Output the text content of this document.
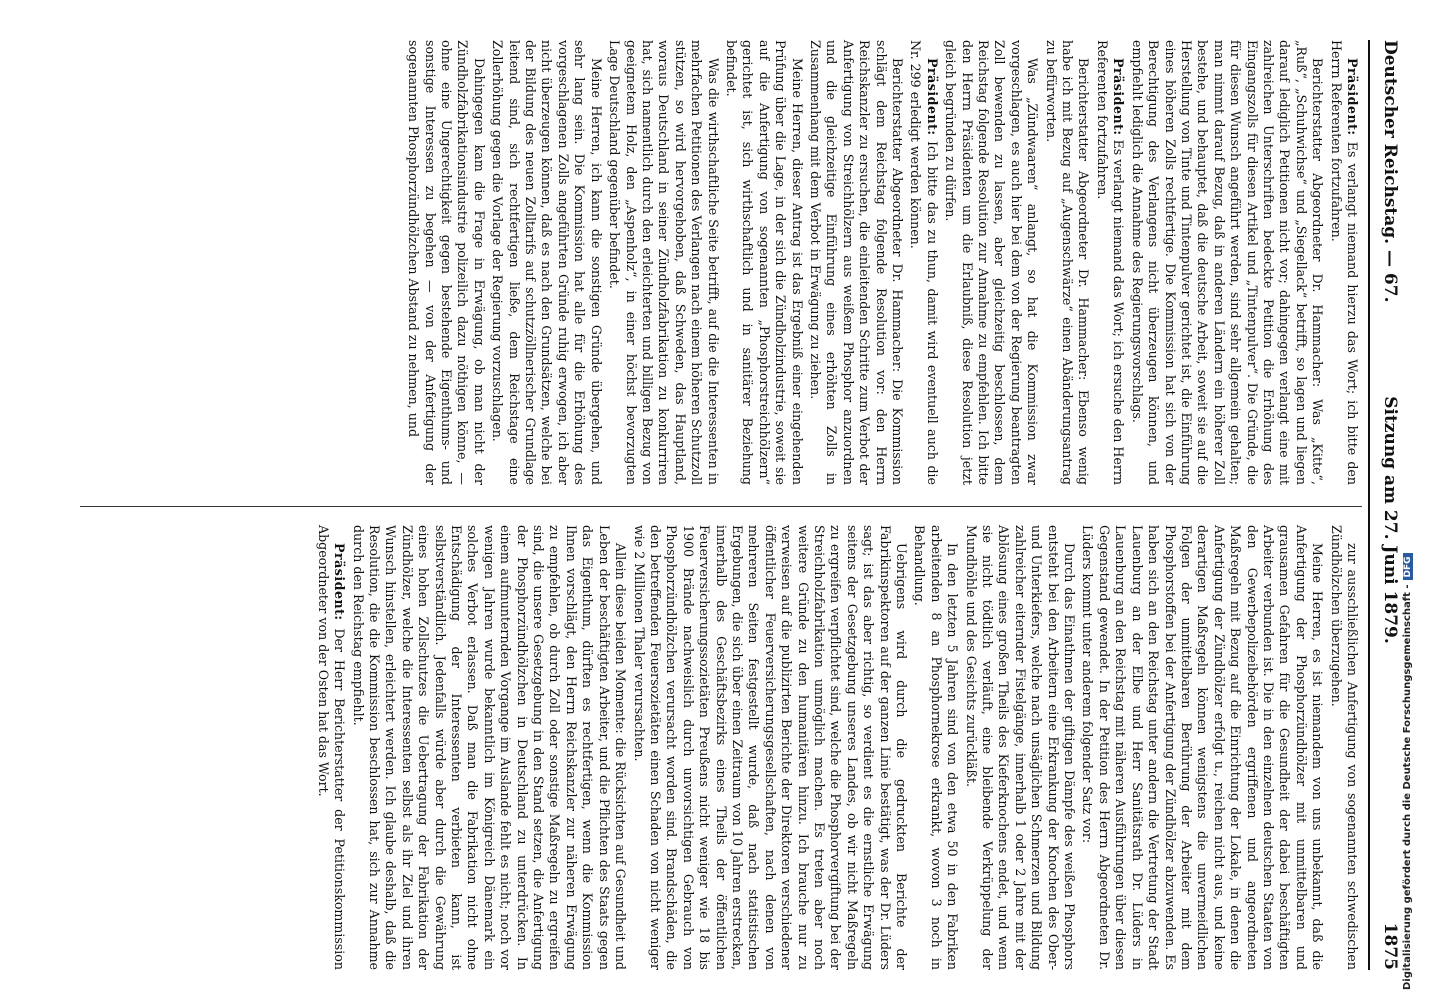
Deutscher Reichstag. — 67.
Sitzung am 27. Juni 1879.
1875

Präsident: Es verlangt niemand hierzu das Wort; ich bitte den Herrn Referenten fortzufahren.

Berichterstatter Abgeordneter Dr. Hammacher: Was „Kitte“, „Ruß“, „Schuhwichse“ und „Siegellack“ betrifft, so lagen und liegen darauf lediglich Petitionen nicht vor; dahingegen verlangt eine mit zahlreichen Unterschriften bedeckte Petition die Erhöhung des Eingangszolls für diesen Artikel und „Tintenpulver“. Die Gründe, die für diesen Wunsch angeführt werden, sind sehr allgemein gehalten; man nimmt darauf Bezug, daß in anderen Ländern ein höherer Zoll bestehe, und behauptet, daß die deutsche Arbeit, soweit sie auf die Herstellung von Tinte und Tintenpulver gerichtet ist, die Einführung eines höheren Zolls rechtfertige. Die Kommission hat sich von der Berechtigung des Verlangens nicht überzeugen können, und empfiehlt lediglich die Annahme des Regierungsvorschlags.

Präsident: Es verlangt niemand das Wort; ich ersuche den Herrn Referenten fortzufahren.

Berichterstatter Abgeordneter Dr. Hammacher: Ebenso wenig habe ich mit Bezug auf „Augenschwärze“ einen Abänderungsantrag zu befürworten.

Was „Zündwaaren“ anlangt, so hat die Kommission zwar vorgeschlagen, es auch hier bei dem von der Regierung beantragten Zoll bewenden zu lassen, aber gleichzeitig beschlossen, dem Reichstag folgende Resolution zur Annahme zu empfehlen. Ich bitte den Herrn Präsidenten um die Erlaubniß, diese Resolution jetzt gleich begründen zu dürfen.

Präsident: Ich bitte das zu thun, damit wird eventuell auch die Nr. 299 erledigt werden können.

Berichterstatter Abgeordneter Dr. Hammacher: Die Kommission schlägt dem Reichstag folgende Resolution vor: den Herrn Reichskanzler zu ersuchen, die einleitenden Schritte zum Verbot der Anfertigung von Streichhölzern aus weißem Phosphor anzuordnen und die gleichzeitige Einführung eines erhöhten Zolls in Zusammenhang mit dem Verbot in Erwägung zu ziehen.

Meine Herren, dieser Antrag ist das Ergebniß einer eingehenden Prüfung über die Lage, in der sich die Zündholzindustrie, soweit sie auf die Anfertigung von sogenannten „Phosphorstreichhölzern“ gerichtet ist, sich wirthschaftlich und in sanitärer Beziehung befindet.

Was die wirthschaftliche Seite betrifft, auf die die Interessenten in mehrfachen Petitionen des Verlangen nach einem höheren Schutzzoll stützen, so wird hervorgehoben, daß Schweden, das Hauptland, woraus Deutschland in seiner Zündholzfabrikation zu konkurriren hat, sich namentlich durch den erleichterten und billigen Bezug von geeignetem Holz, den „Aspenholz“, in einer höchst bevorzugten Lage Deutschland gegenüber befindet.

Meine Herren, ich kann die sonstigen Gründe übergehen, und sehr lang sein. Die Kommission hat alle für die Erhöhung des vorgeschlagenen Zolls angeführten Gründe ruhig erwogen, ich aber nicht überzeugen können, daß es nach den Grundsätzen, welche bei der Bildung des neuen Zolltarifs auf schutzzöllnerischer Grundlage leitend sind, sich rechtfertigen ließe, dem Reichstage eine Zollerhöhung gegen die Vorlage der Regierung vorzuschlagen.

Dahingegen kam die Frage in Erwägung, ob man nicht der Zündholzfabrikationsindustrie polizeilich dazu nöthigen könne, — ohne eine Ungerechtigkeit gegen bestehende Eigenthums- und sonstige Interessen zu begehen — von der Anfertigung der sogenannten Phosphorzündhölzchen Abstand zu nehmen, und

zur ausschließlichen Anfertigung von sogenannten schwedischen Zündhölzchen überzugehen.

Meine Herren, es ist niemandem von uns unbekannt, daß die Anfertigung der Phosphorzündhölzer mit unmittelbaren und grausamen Gefahren für die Gesundheit der dabei beschäftigten Arbeiter verbunden ist. Die in den einzelnen deutschen Staaten von den Gewerbepolizeibehörden ergriffenen und angeordneten Maßregeln mit Bezug auf die Einrichtung der Lokale, in denen die Anfertigung der Zündhölzer erfolgt u., reichen nicht aus, und keine derartigen Maßregeln können wenigstens die unvermeidlichen Folgen der unmittelbaren Berührung der Arbeiter mit dem Phosphorstoffen bei der Anfertigung der Zündhölzer abzuwenden. Es haben sich an den Reichstag unter andern die Vertretung der Stadt Lauenburg an der Elbe und Herr Sanitätsrath Dr. Lüders in Lauenburg an den Reichstag mit näheren Ausführungen über diesen Gegenstand gewendet. In der Petition des Herrn Abgeordneten Dr. Lüders kommt unter anderem folgender Satz vor:

Durch das Einathmen der giftigen Dämpfe des weißen Phosphors entsteht bei den Arbeitern eine Erkrankung der Knochen des Ober- und Unterkiefers, welche nach unsäglichen Schmerzen und Bildung zahlreicher eiternder Fistelgänge, innerhalb 1 oder 2 Jahre mit der Ablösung eines großen Theils des Kieferknochens endet, und wenn sie nicht tödtlich verläuft, eine bleibende Verkrüppelung der Mundhöhle und des Gesichts zurückläßt.

In den letzten 5 Jahren sind von den etwa 50 in den Fabriken arbeitenden 8 an Phosphornekrose erkrankt, wovon 3 noch in Behandlung.

Uebrigens wird durch die gedruckten Berichte der Fabrikinspektoren auf der ganzen Linie bestätigt, was der Dr. Lüders sagt; ist das aber richtig, so verdient es die ernstliche Erwägung seitens der Gesetzgebung unseres Landes, ob wir nicht Maßregeln zu ergreifen verpflichtet sind, welche die Phosphorvergiftung bei der Streichholzfabrikation unmöglich machen. Es treten aber noch weitere Gründe zu den humanitären hinzu. Ich brauche nur zu verweisen auf die publizirten Berichte der Direktoren verschiedener öffentlicher Feuerversicherungsgesellschaften, nach denen von mehreren Seiten festgestellt wurde, daß nach statistischen Ergebungen, die sich über einen Zeitraum von 10 Jahren erstrecken, innerhalb des Geschäftsbezirks eines Theils der öffentlichen Feuerversicherungssozietäten Preußens nicht weniger wie 18 bis 1900 Brände nachweislich durch unvorsichtigen Gebrauch von Phosphorzündhölzchen verursacht worden sind. Brandschäden, die den betreffenden Feuersozietäten einen Schaden von nicht weniger wie 2 Millionen Thaler verursachten.

Allein diese beiden Momente: die Rücksichten auf Gesundheit und Leben der beschäftigten Arbeiter, und die Pflichten des Staats gegen das Eigenthum, dürften es rechtfertigen, wenn die Kommission Ihnen vorschlägt, den Herrn Reichskanzler zur näheren Erwägung zu empfehlen, ob durch Zoll oder sonstige Maßregeln zu ergreifen sind, die unsere Gesetzgebung in den Stand setzen, die Anfertigung der Phosphorzündhölzchen in Deutschland zu unterdrücken. In einem aufmunternden Vorgange im Auslande fehlt es nicht; noch vor wenigen Jahren wurde bekanntlich im Königreich Dänemark ein solches Verbot erlassen. Daß man die Fabrikation nicht ohne Entschädigung der Interessenten verbieten kann, ist selbstverständlich. Jedenfalls würde aber durch die Gewährung eines hohen Zollschutzes die Uebertragung der Fabrikation der Zündhölzer, welche die Interessenten selbst als ihr Ziel und ihren Wunsch hinstellen, erleichtert werden. Ich glaube deshalb, daß die Resolution, die die Kommission beschlossen hat, sich zur Annahme durch den Reichstag empfiehlt.

Präsident: Der Herr Berichterstatter der Petitionskommission Abgeordneter von der Osten hat das Wort.	Digitalisierung gefördert durch die Deutsche Forschungsgemeinschaft -DFG
